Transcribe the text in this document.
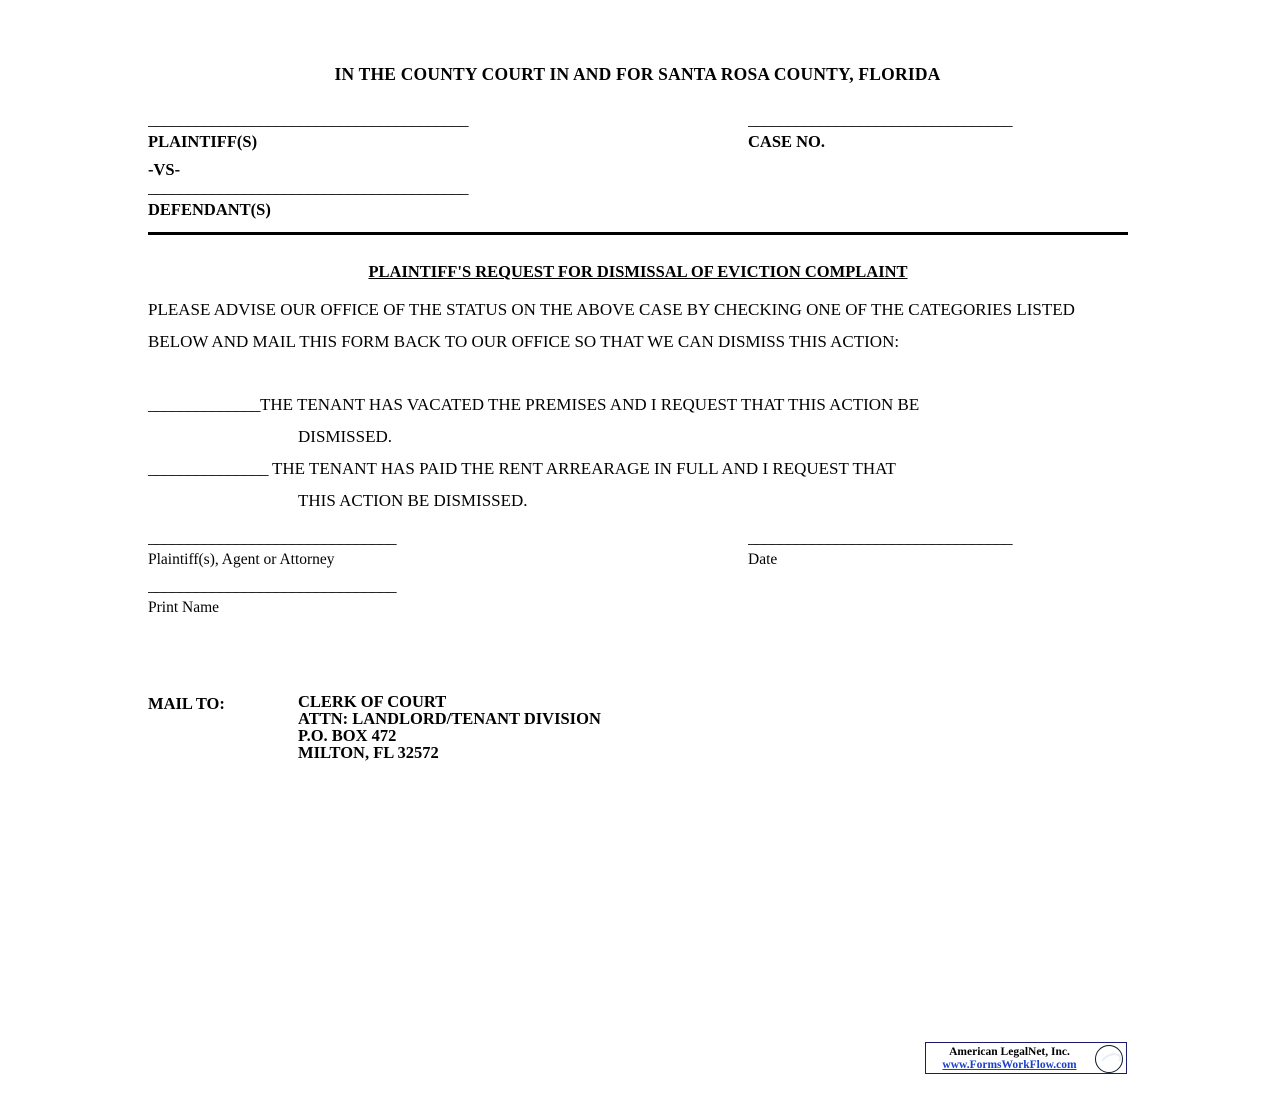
IN THE COUNTY COURT IN AND FOR SANTA ROSA COUNTY, FLORIDA
________________________________________
PLAINTIFF(S)
_________________________________
CASE NO.
-VS-
________________________________________
DEFENDANT(S)
PLAINTIFF'S REQUEST FOR DISMISSAL OF EVICTION COMPLAINT
PLEASE ADVISE OUR OFFICE OF THE STATUS ON THE ABOVE CASE BY CHECKING ONE OF THE CATEGORIES LISTED BELOW AND MAIL THIS FORM BACK TO OUR OFFICE SO THAT WE CAN DISMISS THIS ACTION:
______________THE TENANT HAS VACATED THE PREMISES AND I REQUEST THAT THIS ACTION BE
DISMISSED.
_______________ THE TENANT HAS PAID THE RENT ARREARAGE IN FULL AND I REQUEST THAT
THIS ACTION BE DISMISSED.
_______________________________
Plaintiff(s), Agent or Attorney
_________________________________
Date
_______________________________
Print Name
MAIL TO:	CLERK OF COURT
ATTN: LANDLORD/TENANT DIVISION
P.O. BOX 472
MILTON, FL 32572
American LegalNet, Inc.
www.FormsWorkFlow.com
